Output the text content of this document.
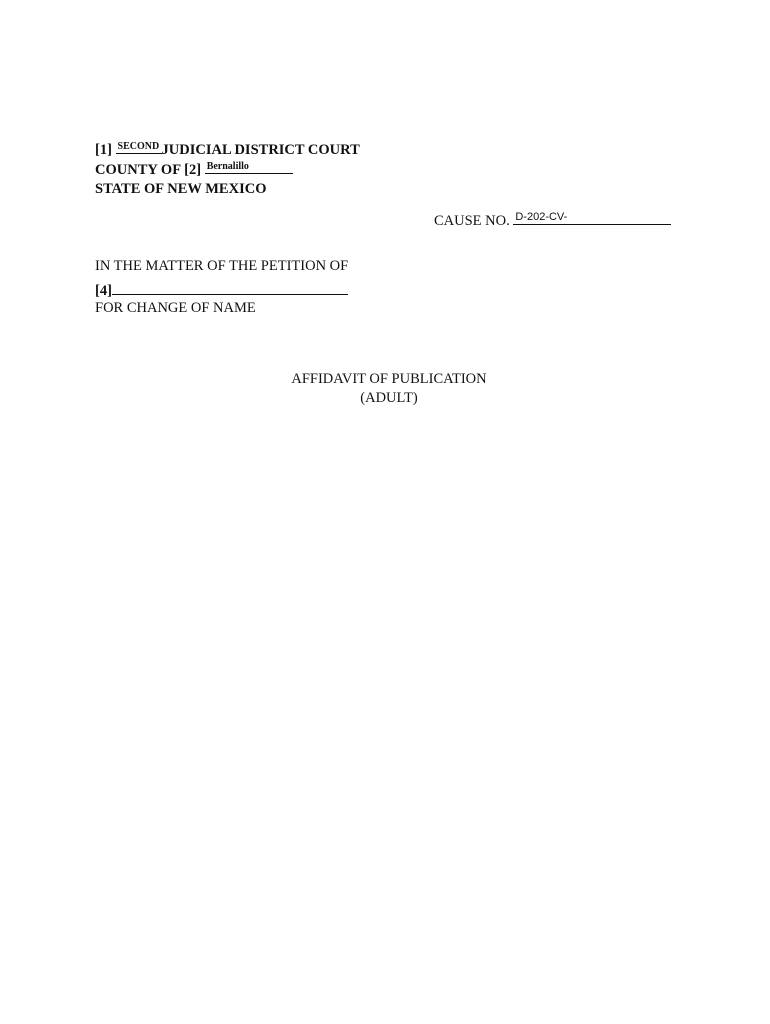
[1] SECOND JUDICIAL DISTRICT COURT
COUNTY OF [2] Bernalillo
STATE OF NEW MEXICO
CAUSE NO. D-202-CV-
IN THE MATTER OF THE PETITION OF
[4]
FOR CHANGE OF NAME
AFFIDAVIT OF PUBLICATION
(ADULT)
